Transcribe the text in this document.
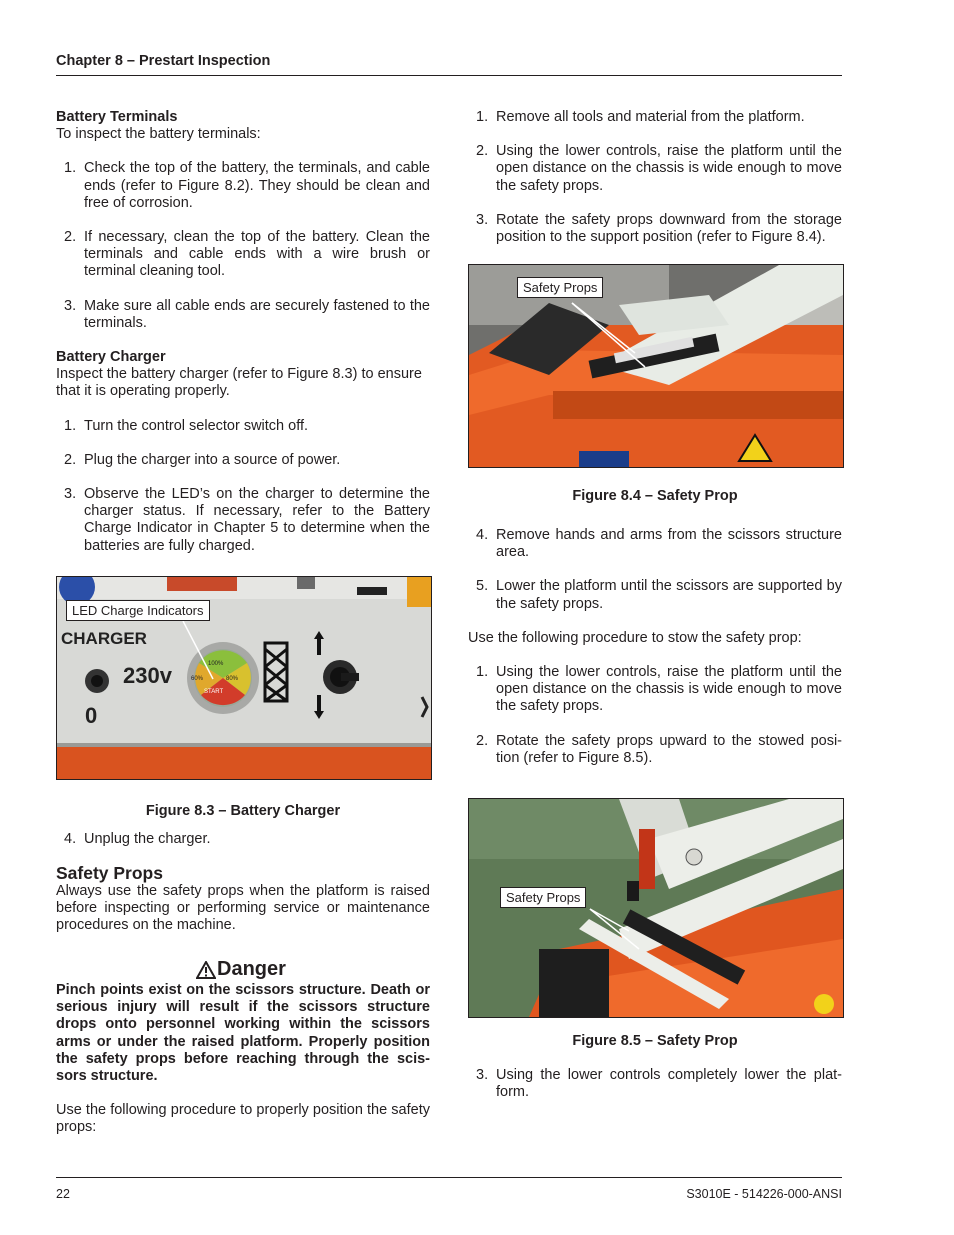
Chapter 8 – Prestart Inspection
Battery Terminals
To inspect the battery terminals:
1. Check the top of the battery, the terminals, and cable ends (refer to Figure 8.2). They should be clean and free of corrosion.
2. If necessary, clean the top of the battery. Clean the terminals and cable ends with a wire brush or terminal cleaning tool.
3. Make sure all cable ends are securely fastened to the terminals.
Battery Charger
Inspect the battery charger (refer to Figure 8.3) to ensure that it is operating properly.
1. Turn the control selector switch off.
2. Plug the charger into a source of power.
3. Observe the LED’s on the charger to determine the charger status. If necessary, refer to the Battery Charge Indicator in Chapter 5 to determine when the batteries are fully charged.
CHARGER
230v
0
100%
60%	80%
START
LED Charge Indicators
Figure 8.3 – Battery Charger
4. Unplug the charger.
Safety Props
Always use the safety props when the platform is raised before inspecting or performing service or maintenance procedures on the machine.
Danger
Pinch points exist on the scissors structure. Death or serious injury will result if the scissors structure drops onto personnel working within the scissors arms or under the raised platform. Properly position the safety props before reaching through the scis-sors structure.
Use the following procedure to properly position the safety props:
1. Remove all tools and material from the platform.
2. Using the lower controls, raise the platform until the open distance on the chassis is wide enough to move the safety props.
3. Rotate the safety props downward from the storage position to the support position (refer to Figure 8.4).
Safety Props
Figure 8.4 – Safety Prop
4. Remove hands and arms from the scissors structure area.
5. Lower the platform until the scissors are supported by the safety props.
Use the following procedure to stow the safety prop:
1. Using the lower controls, raise the platform until the open distance on the chassis is wide enough to move the safety props.
2. Rotate the safety props upward to the stowed posi-tion (refer to Figure 8.5).
Safety Props
Figure 8.5 – Safety Prop
3. Using the lower controls completely lower the plat-form.
22	S3010E - 514226-000-ANSI
